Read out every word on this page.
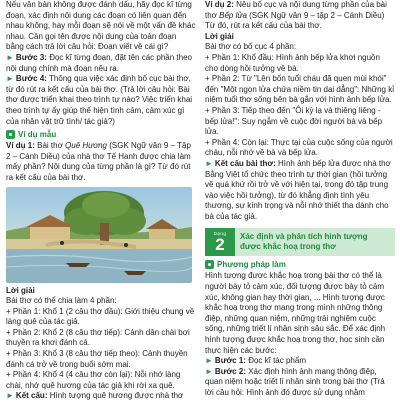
Nếu văn bản không được đánh dấu, hãy đọc kĩ từng đoạn, xác định nội dung các đoạn có liên quan đến nhau không, hay mỗi đoạn sẽ nói về một vấn đề khác nhau. Cần gọi tên được nội dung của toàn đoạn bằng cách trả lời câu hỏi: Đoạn viết về cái gì?

► Bước 3: Đọc kĩ từng đoạn, đặt tên các phần theo nội dung chính mà đoạn nêu ra.

► Bước 4: Thông qua việc xác định bố cục bài thơ, từ đó rút ra kết cấu của bài thơ. (Trả lời câu hỏi: Bài thơ được triển khai theo trình tự nào? Việc triển khai theo trình tự ấy giúp thể hiện tình cảm, cảm xúc gì của nhân vật trữ tình/ tác giả?)

Ví dụ mẫu

Ví dụ 1: Bài thơ Quê Hương (SGK Ngữ văn 9 – Tập 2 – Cánh Diều) của nhà thơ Tế Hanh được chia làm mấy phần? Nội dung của từng phần là gì? Từ đó rút ra kết cấu của bài thơ.

Lời giải

Bài thơ có thể chia làm 4 phần:

+ Phần 1: Khổ 1 (2 câu thơ đầu): Giới thiệu chung về làng quê của tác giả.

+ Phần 2: Khổ 2 (8 câu thơ tiếp): Cảnh dân chài bơi thuyền ra khơi đánh cá.

+ Phần 3: Khổ 3 (8 câu thơ tiếp theo): Cảnh thuyền đánh cá trở về trong buổi sớm mai.

+ Phần 4: Khổ 4 (4 câu thơ còn lại): Nỗi nhớ làng chài, nhớ quê hương của tác giả khi rời xa quê.

► Kết cấu: Hình tượng quê hương được nhà thơ

Ví dụ 2: Nêu bố cục và nội dung từng phần của bài thơ Bếp lửa (SGK Ngữ văn 9 – tập 2 – Cánh Diều) Từ đó, rút ra kết cấu của bài thơ.

Lời giải

Bài thơ có bố cục 4 phần:

+ Phần 1: Khổ đầu: Hình ảnh bếp lửa khơi nguồn cho dòng hồi tưởng về bà.

+ Phần 2: Từ "Lên bốn tuổi cháu đã quen mùi khói" đến "Một ngọn lửa chứa niềm tin dai dẳng": Những kỉ niệm tuổi thơ sống bên bà gắn với hình ảnh bếp lửa.

+ Phần 3: Tiếp theo đến "Ôi kỳ lạ và thiêng liêng - bếp lửa!": Suy ngẫm về cuộc đời người bà và bếp lửa.

+ Phần 4: Còn lại: Thực tại của cuộc sống của người cháu, nỗi nhớ về bà và bếp lửa.

► Kết cấu bài thơ: Hình ảnh bếp lửa được nhà thơ Bằng Việt tổ chức theo trình tự thời gian (hồi tưởng về quá khứ rồi trở về với hiện tại, trong đó tập trung vào việc hồi tưởng), từ đó khẳng định tình yêu thương, sự kính trọng và nỗi nhớ thiết tha dành cho bà của tác giả.

Dạng
2	Xác định và phân tích hình tượng được khắc hoạ trong thơ
Phương pháp làm

Hình tượng được khắc hoạ trong bài thơ có thể là người bày tỏ cảm xúc, đối tượng được bày tỏ cảm xúc, không gian hay thời gian, ... Hình tượng được khắc hoạ trong thơ mang trong mình những thông điệp, những quan niệm, những trải nghiệm cuộc sống, những triết lí nhân sinh sâu sắc. Để xác định hình tượng được khắc hoạ trong thơ, học sinh cần thực hiện các bước:

► Bước 1: Đọc kĩ tác phẩm

► Bước 2: Xác định hình ảnh mang thông điệp, quan niệm hoặc triết lí nhân sinh trong bài thơ (Trả lời câu hỏi: Hình ảnh đó được sử dụng nhằm
